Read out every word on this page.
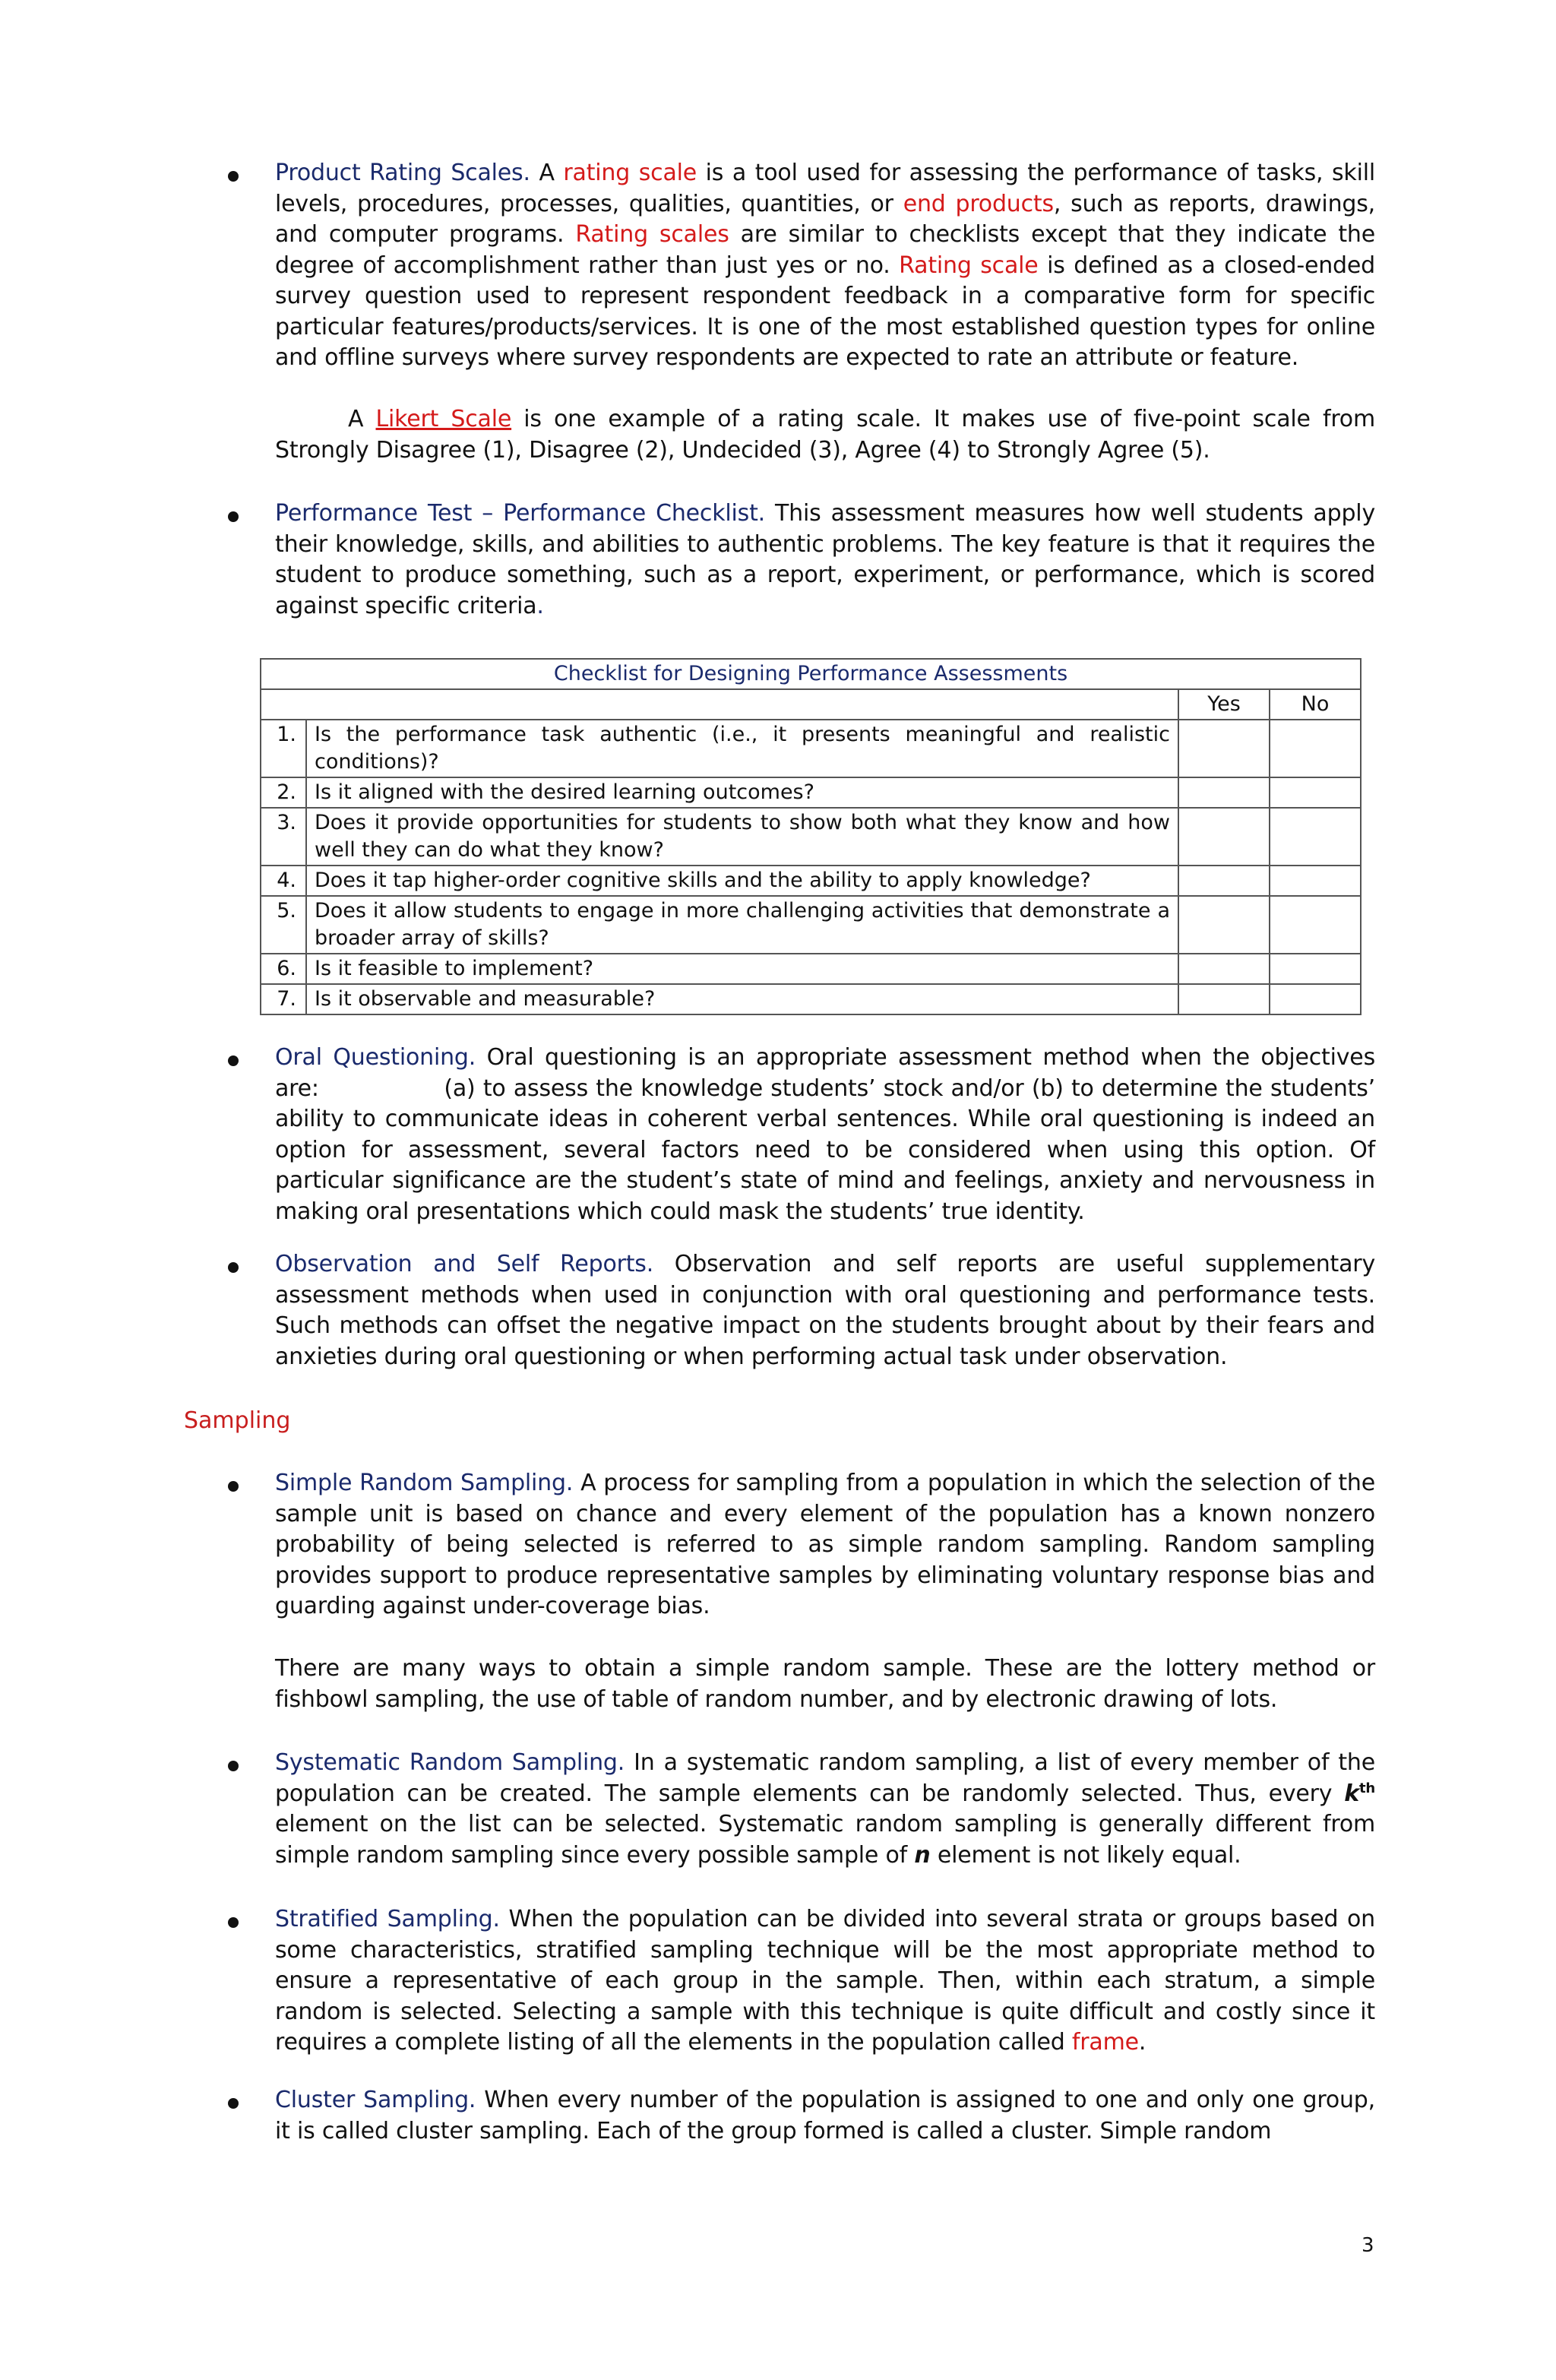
Product Rating Scales. A rating scale is a tool used for assessing the performance of tasks, skill levels, procedures, processes, qualities, quantities, or end products, such as reports, drawings, and computer programs. Rating scales are similar to checklists except that they indicate the degree of accomplishment rather than just yes or no. Rating scale is defined as a closed-ended survey question used to represent respondent feedback in a comparative form for specific particular features/products/services. It is one of the most established question types for online and offline surveys where survey respondents are expected to rate an attribute or feature.
A Likert Scale is one example of a rating scale. It makes use of five-point scale from Strongly Disagree (1), Disagree (2), Undecided (3), Agree (4) to Strongly Agree (5).
Performance Test – Performance Checklist. This assessment measures how well students apply their knowledge, skills, and abilities to authentic problems. The key feature is that it requires the student to produce something, such as a report, experiment, or performance, which is scored against specific criteria.
Checklist for Designing Performance Assessments			
		Yes	No
1.	Is the performance task authentic (i.e., it presents meaningful and realistic conditions)?		
2.	Is it aligned with the desired learning outcomes?		
3.	Does it provide opportunities for students to show both what they know and how well they can do what they know?		
4.	Does it tap higher-order cognitive skills and the ability to apply knowledge?		
5.	Does it allow students to engage in more challenging activities that demonstrate a broader array of skills?		
6.	Is it feasible to implement?		
7.	Is it observable and measurable?		
Oral Questioning. Oral questioning is an appropriate assessment method when the objectives are:                (a) to assess the knowledge students’ stock and/or (b) to determine the students’ ability to communicate ideas in coherent verbal sentences. While oral questioning is indeed an option for assessment, several factors need to be considered when using this option. Of particular significance are the student’s state of mind and feelings, anxiety and nervousness in making oral presentations which could mask the students’ true identity.
Observation and Self Reports. Observation and self reports are useful supplementary assessment methods when used in conjunction with oral questioning and performance tests. Such methods can offset the negative impact on the students brought about by their fears and anxieties during oral questioning or when performing actual task under observation.
Sampling
Simple Random Sampling. A process for sampling from a population in which the selection of the sample unit is based on chance and every element of the population has a known nonzero probability of being selected is referred to as simple random sampling. Random sampling provides support to produce representative samples by eliminating voluntary response bias and guarding against under-coverage bias.
There are many ways to obtain a simple random sample. These are the lottery method or fishbowl sampling, the use of table of random number, and by electronic drawing of lots.
Systematic Random Sampling. In a systematic random sampling, a list of every member of the population can be created. The sample elements can be randomly selected. Thus, every $k^{th}$ element on the list can be selected. Systematic random sampling is generally different from simple random sampling since every possible sample of n element is not likely equal.
Stratified Sampling. When the population can be divided into several strata or groups based on some characteristics, stratified sampling technique will be the most appropriate method to ensure a representative of each group in the sample. Then, within each stratum, a simple random is selected. Selecting a sample with this technique is quite difficult and costly since it requires a complete listing of all the elements in the population called frame.
Cluster Sampling. When every number of the population is assigned to one and only one group, it is called cluster sampling. Each of the group formed is called a cluster. Simple random
3
